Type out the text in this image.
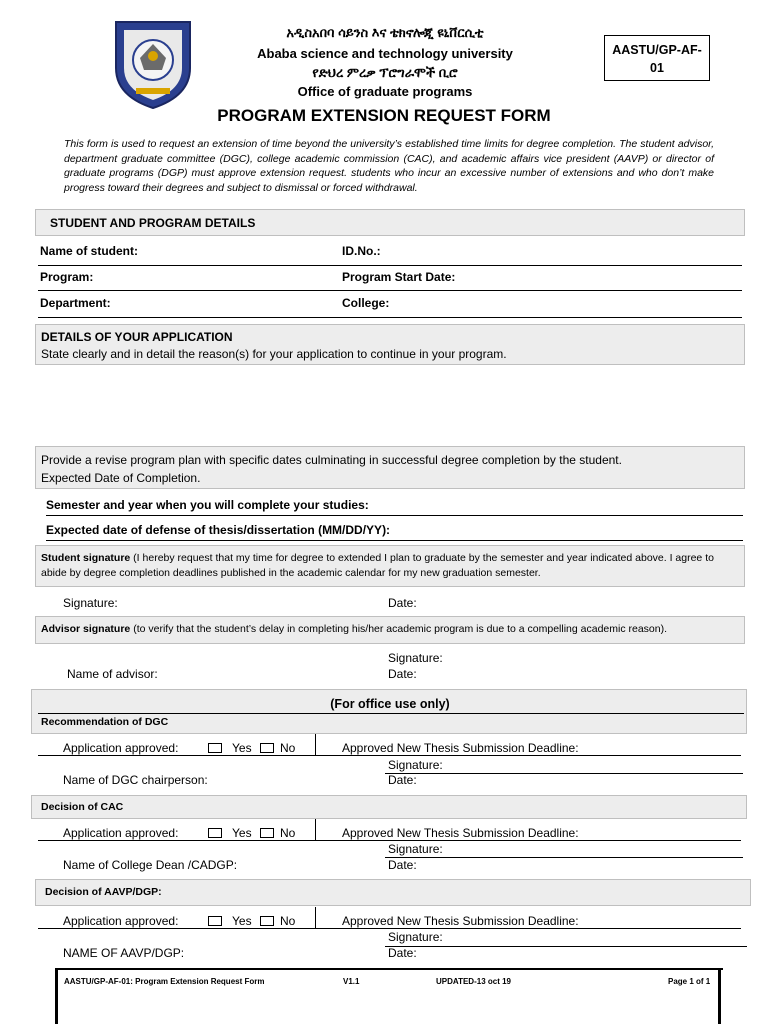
አዲስአበባ ሳይንስ እና ቴክኖሎጂ ዩኒቨርሲቲ
Ababa science and technology university
የድህረ ምረቃ ፕሮግራሞች ቢሮ
Office of graduate programs
AASTU/GP-AF-
01
PROGRAM EXTENSION REQUEST FORM
This form is used to request an extension of time beyond the university’s established time limits for degree completion. The student advisor, department graduate committee (DGC), college academic commission (CAC), and academic affairs vice president (AAVP) or director of graduate programs (DGP) must approve extension request. students who incur an excessive number of extensions and who don’t make progress toward their degrees and subject to dismissal or forced withdrawal.
STUDENT AND PROGRAM DETAILS
Name of student:	ID.No.:
Program:	Program Start Date:
Department:	College:
DETAILS OF YOUR APPLICATION
State clearly and in detail the reason(s) for your application to continue in your program.
Provide a revise program plan with specific dates culminating in successful degree completion by the student.
Expected Date of Completion.
Semester and year when you will complete your studies:
Expected date of defense of thesis/dissertation (MM/DD/YY):
Student signature (I hereby request that my time for degree to extended I plan to graduate by the semester and year indicated above. I agree to abide by degree completion deadlines published in the academic calendar for my new graduation semester.
Signature:	Date:
Advisor signature (to verify that the student’s delay in completing his/her academic program is due to a compelling academic reason).
Signature:
Name of advisor:	Date:
(For office use only)
Recommendation of DGC
Application approved:	Yes No	Approved New Thesis Submission Deadline:
Signature:
Name of DGC chairperson:	Date:
Decision of CAC
Application approved:	Yes No	Approved New Thesis Submission Deadline:
Signature:
Name of College Dean /CADGP:	Date:
Decision of AAVP/DGP:
Application approved:	Yes No	Approved New Thesis Submission Deadline:
Signature:
NAME OF AAVP/DGP:	Date:
AASTU/GP-AF-01: Program Extension Request Form	V1.1	UPDATED-13 oct 19	Page 1 of 1
